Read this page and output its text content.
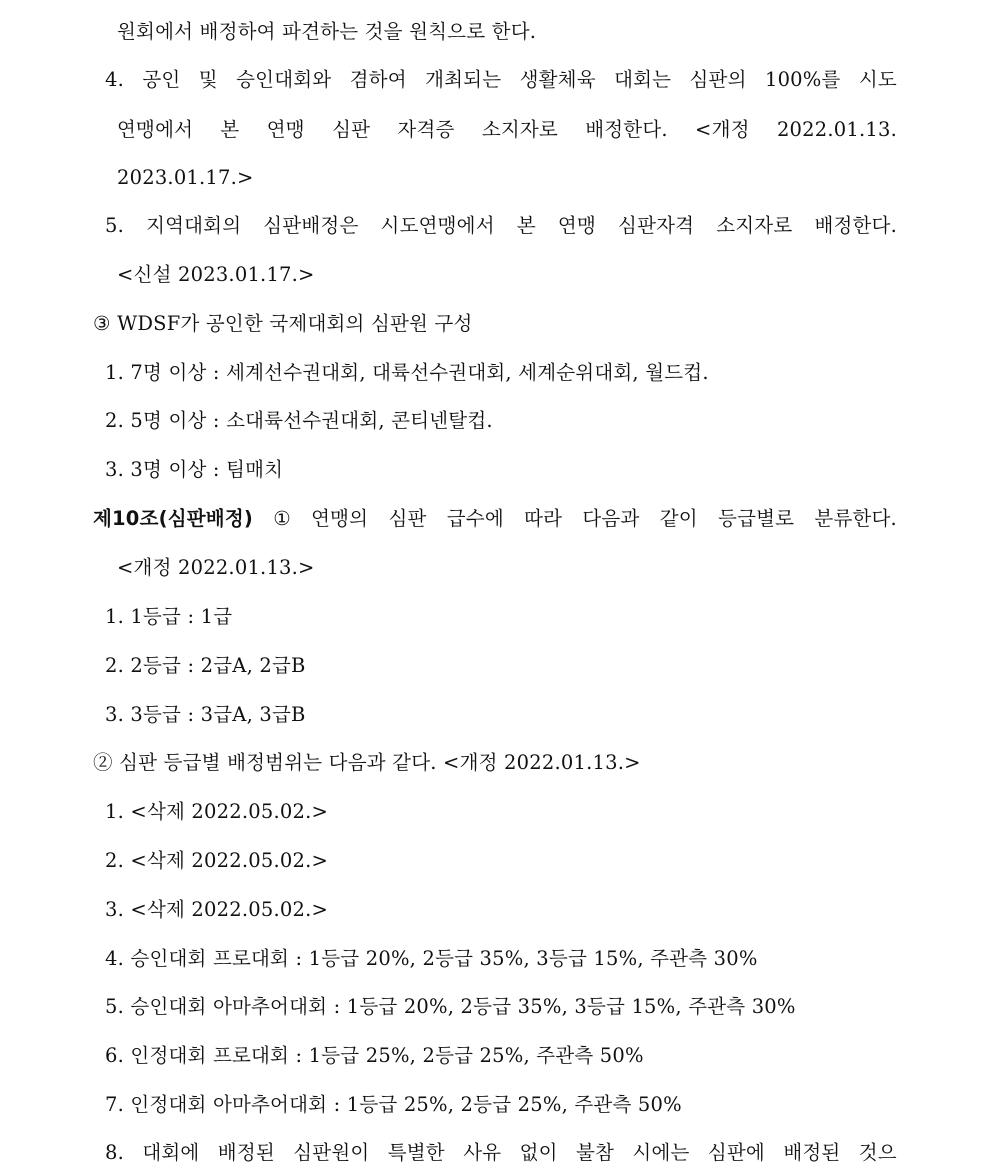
원회에서 배정하여 파견하는 것을 원칙으로 한다.
4. 공인 및 승인대회와 겸하여 개최되는 생활체육 대회는 심판의 100%를 시도
연맹에서 본 연맹 심판 자격증 소지자로 배정한다. <개정 2022.01.13.
2023.01.17.>
5. 지역대회의 심판배정은 시도연맹에서 본 연맹 심판자격 소지자로 배정한다.
<신설 2023.01.17.>
③ WDSF가 공인한 국제대회의 심판원 구성
1. 7명 이상 : 세계선수권대회, 대륙선수권대회, 세계순위대회, 월드컵.
2. 5명 이상 : 소대륙선수권대회, 콘티넨탈컵.
3. 3명 이상 : 팀매치
제10조(심판배정) ① 연맹의 심판 급수에 따라 다음과 같이 등급별로 분류한다.
<개정 2022.01.13.>
1. 1등급 : 1급
2. 2등급 : 2급A, 2급B
3. 3등급 : 3급A, 3급B
② 심판 등급별 배정범위는 다음과 같다. <개정 2022.01.13.>
1. <삭제 2022.05.02.>
2. <삭제 2022.05.02.>
3. <삭제 2022.05.02.>
4. 승인대회 프로대회 : 1등급 20%, 2등급 35%, 3등급 15%, 주관측 30%
5. 승인대회 아마추어대회 : 1등급 20%, 2등급 35%, 3등급 15%, 주관측 30%
6. 인정대회 프로대회 : 1등급 25%, 2등급 25%, 주관측 50%
7. 인정대회 아마추어대회 : 1등급 25%, 2등급 25%, 주관측 50%
8. 대회에 배정된 심판원이 특별한 사유 없이 불참 시에는 심판에 배정된 것으
